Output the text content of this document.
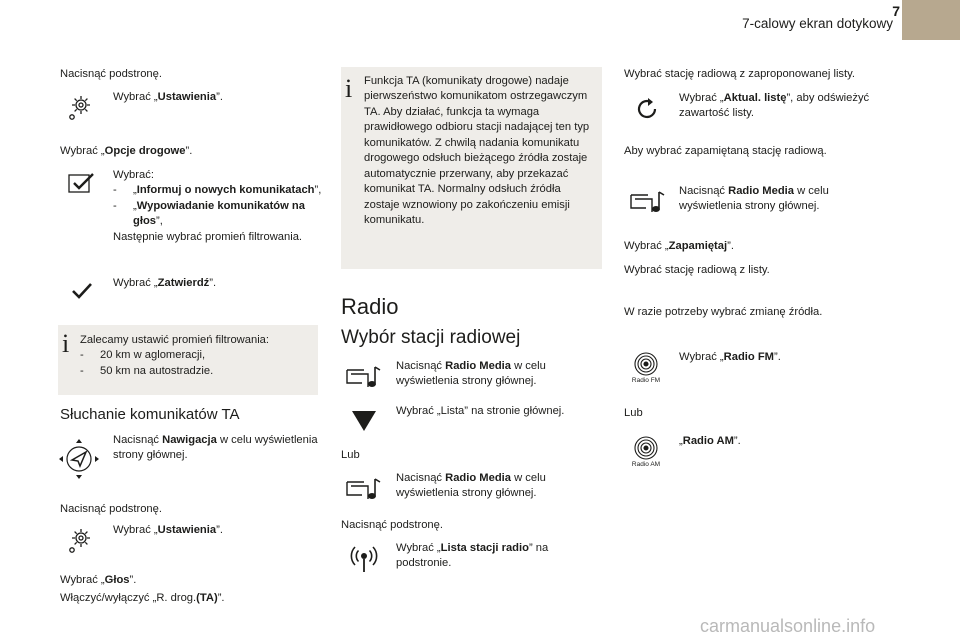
7
7-calowy ekran dotykowy
Nacisnąć podstronę.
Wybrać „Ustawienia”.
Wybrać „Opcje drogowe”.
Wybrać:
-	„Informuj o nowych komunikatach”,
-	„Wypowiadanie komunikatów na głos”,
Następnie wybrać promień filtrowania.
Wybrać „Zatwierdź”.
i Zalecamy ustawić promień filtrowania:
-	20 km w aglomeracji,
-	50 km na autostradzie.
Słuchanie komunikatów TA
Nacisnąć Nawigacja w celu wyświetlenia strony głównej.
Nacisnąć podstronę.
Wybrać „Ustawienia”.
Wybrać „Głos”.
Włączyć/wyłączyć „R. drog.(TA)”.
i Funkcja TA (komunikaty drogowe) nadaje pierwszeństwo komunikatom ostrzegawczym TA. Aby działać, funkcja ta wymaga prawidłowego odbioru stacji nadającej ten typ komunikatów. Z chwilą nadania komunikatu drogowego odsłuch bieżącego źródła zostaje automatycznie przerwany, aby przekazać komunikat TA. Normalny odsłuch źródła zostaje wznowiony po zakończeniu emisji komunikatu.
Radio
Wybór stacji radiowej
Nacisnąć Radio Media w celu wyświetlenia strony głównej.
Wybrać „Lista” na stronie głównej.
Lub
Nacisnąć Radio Media w celu wyświetlenia strony głównej.
Nacisnąć podstronę.
Wybrać „Lista stacji radio” na podstronie.
Wybrać stację radiową z zaproponowanej listy.
Wybrać „Aktual. listę”, aby odświeżyć zawartość listy.
Aby wybrać zapamiętaną stację radiową.
Nacisnąć Radio Media w celu wyświetlenia strony głównej.
Wybrać „Zapamiętaj”.
Wybrać stację radiową z listy.
W razie potrzeby wybrać zmianę źródła.
Radio FM
Wybrać „Radio FM”.
Lub
Radio AM
„Radio AM”.
carmanualsonline.info
